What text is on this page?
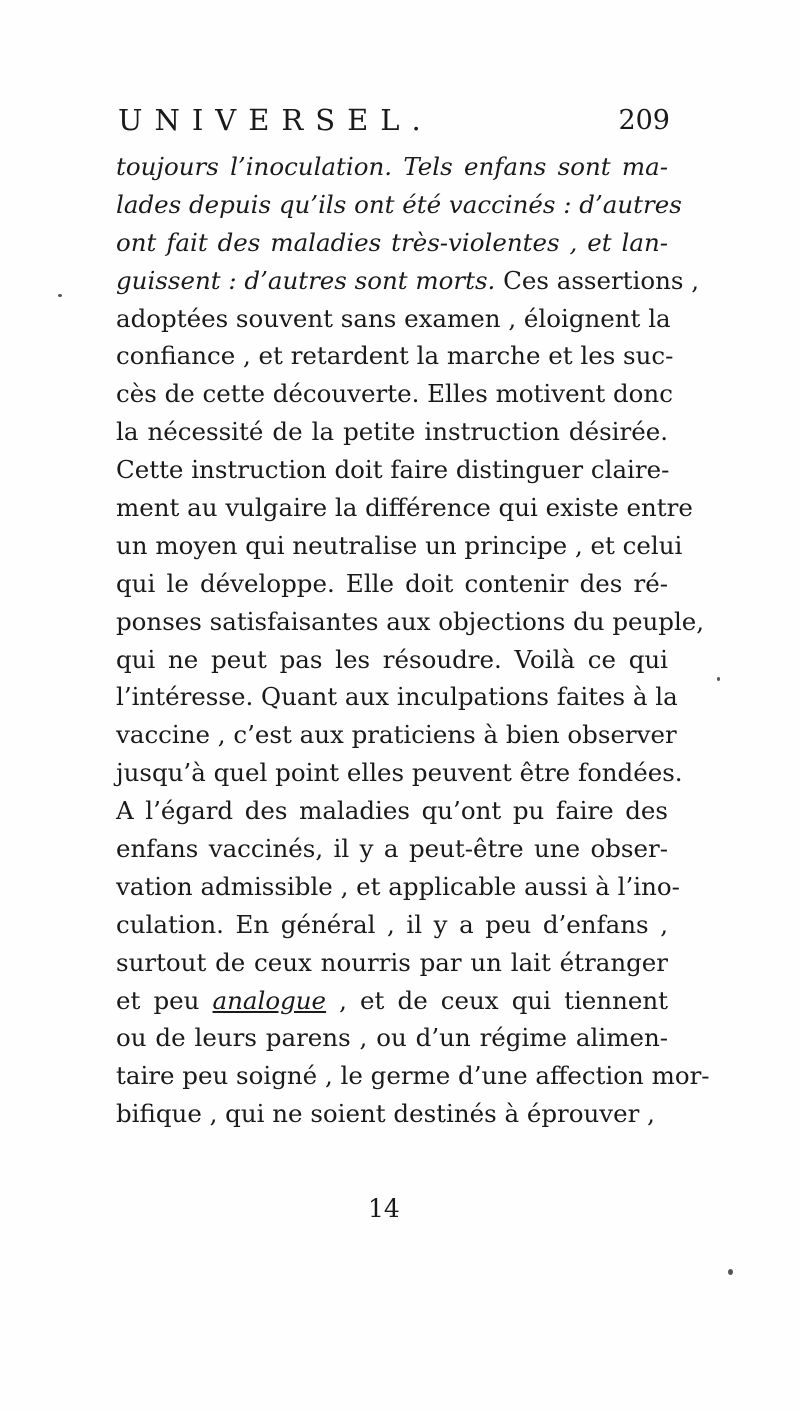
UNIVERSEL.	209
toujours l’inoculation. Tels enfans sont ma-
lades depuis qu’ils ont été vaccinés : d’autres
ont fait des maladies très-violentes , et lan-
guissent : d’autres sont morts. Ces assertions ,
adoptées souvent sans examen , éloignent la
confiance , et retardent la marche et les suc-
cès de cette découverte. Elles motivent donc
la nécessité de la petite instruction désirée.
Cette instruction doit faire distinguer claire-
ment au vulgaire la différence qui existe entre
un moyen qui neutralise un principe , et celui
qui le développe. Elle doit contenir des ré-
ponses satisfaisantes aux objections du peuple,
qui ne peut pas les résoudre. Voilà ce qui
l’intéresse. Quant aux inculpations faites à la
vaccine , c’est aux praticiens à bien observer
jusqu’à quel point elles peuvent être fondées.
A l’égard des maladies qu’ont pu faire des
enfans vaccinés, il y a peut-être une obser-
vation admissible , et applicable aussi à l’ino-
culation. En général , il y a peu d’enfans ,
surtout de ceux nourris par un lait étranger
et peu analogue , et de ceux qui tiennent
ou de leurs parens , ou d’un régime alimen-
taire peu soigné , le germe d’une affection mor-
bifique , qui ne soient destinés à éprouver ,
14
